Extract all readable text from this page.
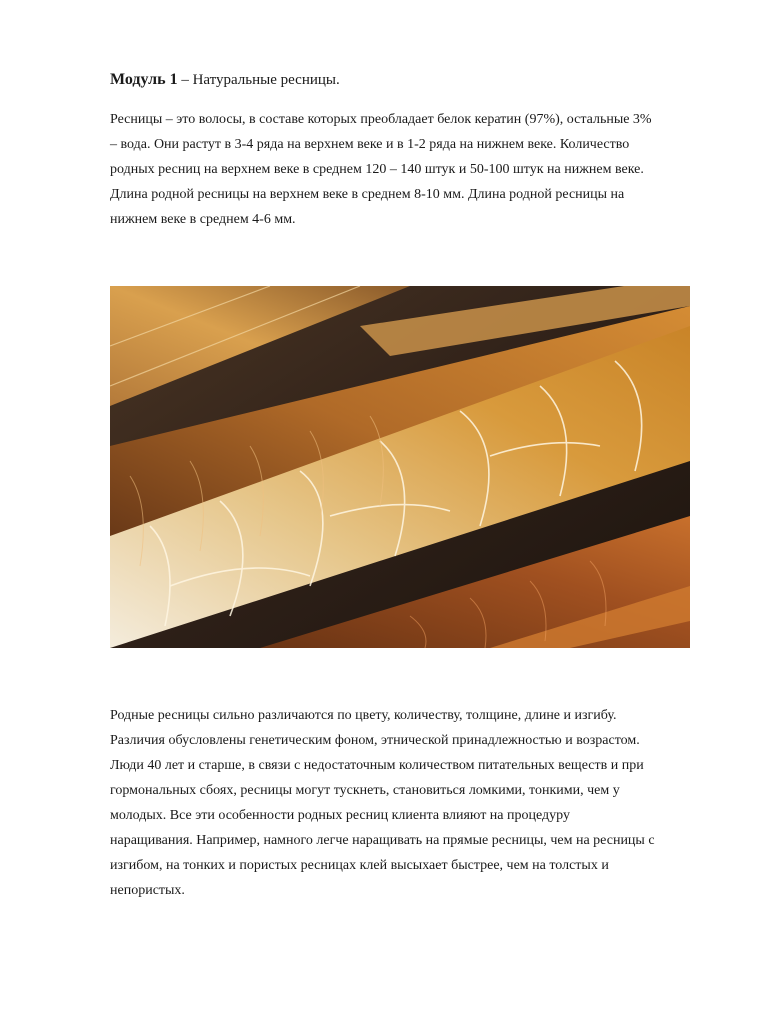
Модуль 1 – Натуральные ресницы.
Ресницы – это волосы, в составе которых преобладает белок кератин (97%), остальные 3%
– вода. Они растут в 3-4 ряда на верхнем веке и в 1-2 ряда на нижнем веке. Количество
родных ресниц на верхнем веке в среднем 120 – 140 штук и 50-100 штук на нижнем веке.
Длина родной ресницы на верхнем веке в среднем 8-10 мм. Длина родной ресницы на
нижнем веке в среднем 4-6 мм.
Родные ресницы сильно различаются по цвету, количеству, толщине, длине и изгибу.
Различия обусловлены генетическим фоном, этнической принадлежностью и возрастом.
Люди 40 лет и старше, в связи с недостаточным количеством питательных веществ и при
гормональных сбоях, ресницы могут тускнеть, становиться ломкими, тонкими, чем у
молодых. Все эти особенности родных ресниц клиента влияют на процедуру
наращивания. Например, намного легче наращивать на прямые ресницы, чем на ресницы с
изгибом, на тонких и пористых ресницах клей высыхает быстрее, чем на толстых и
непористых.
